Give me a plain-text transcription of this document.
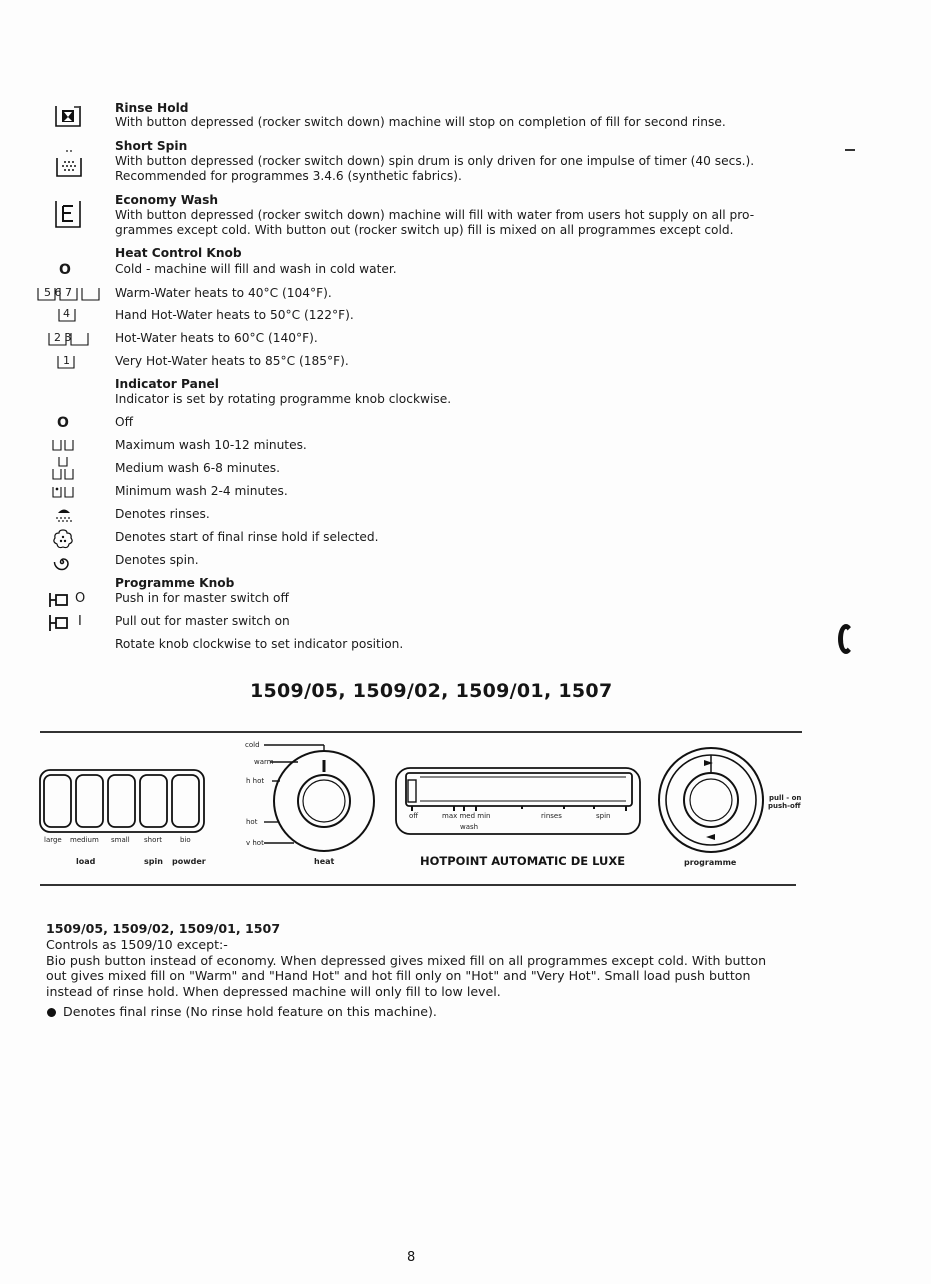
Rinse Hold
With button depressed (rocker switch down) machine will stop on completion of fill for second rinse.
Short Spin
With button depressed (rocker switch down) spin drum is only driven for one impulse of timer (40 secs.).
Recommended for programmes 3.4.6 (synthetic fabrics).
Economy Wash
With button depressed (rocker switch down) machine will fill with water from users hot supply on all pro-
grammes except cold. With button out (rocker switch up) fill is mixed on all programmes except cold.
Heat Control Knob
O	Cold - machine will fill and wash in cold water.
5 6 7	Warm-Water heats to 40°C (104°F).
4	Hand Hot-Water heats to 50°C (122°F).
2 3	Hot-Water heats to 60°C (140°F).
1	Very Hot-Water heats to 85°C (185°F).
Indicator Panel
Indicator is set by rotating programme knob clockwise.
O	Off
Maximum wash 10-12 minutes.
Medium wash 6-8 minutes.
Minimum wash 2-4 minutes.
Denotes rinses.
Denotes start of final rinse hold if selected.
Denotes spin.
Programme Knob
O Push in for master switch off
I	Pull out for master switch on
Rotate knob clockwise to set indicator position.
1509/05, 1509/02, 1509/01, 1507
large medium small short	bio
load	spin powder
cold
warm
h hot
hot
v hot
heat
off	max med min
wash
rinses	spin
HOTPOINT AUTOMATIC DE LUXE
pull - on
push-off
programme
1509/05, 1509/02, 1509/01, 1507
Controls as 1509/10 except:-
Bio push button instead of economy. When depressed gives mixed fill on all programmes except cold. With button
out gives mixed fill on "Warm" and "Hand Hot" and hot fill only on "Hot" and "Very Hot". Small load push button
instead of rinse hold. When depressed machine will only fill to low level.
Denotes final rinse (No rinse hold feature on this machine).
8
